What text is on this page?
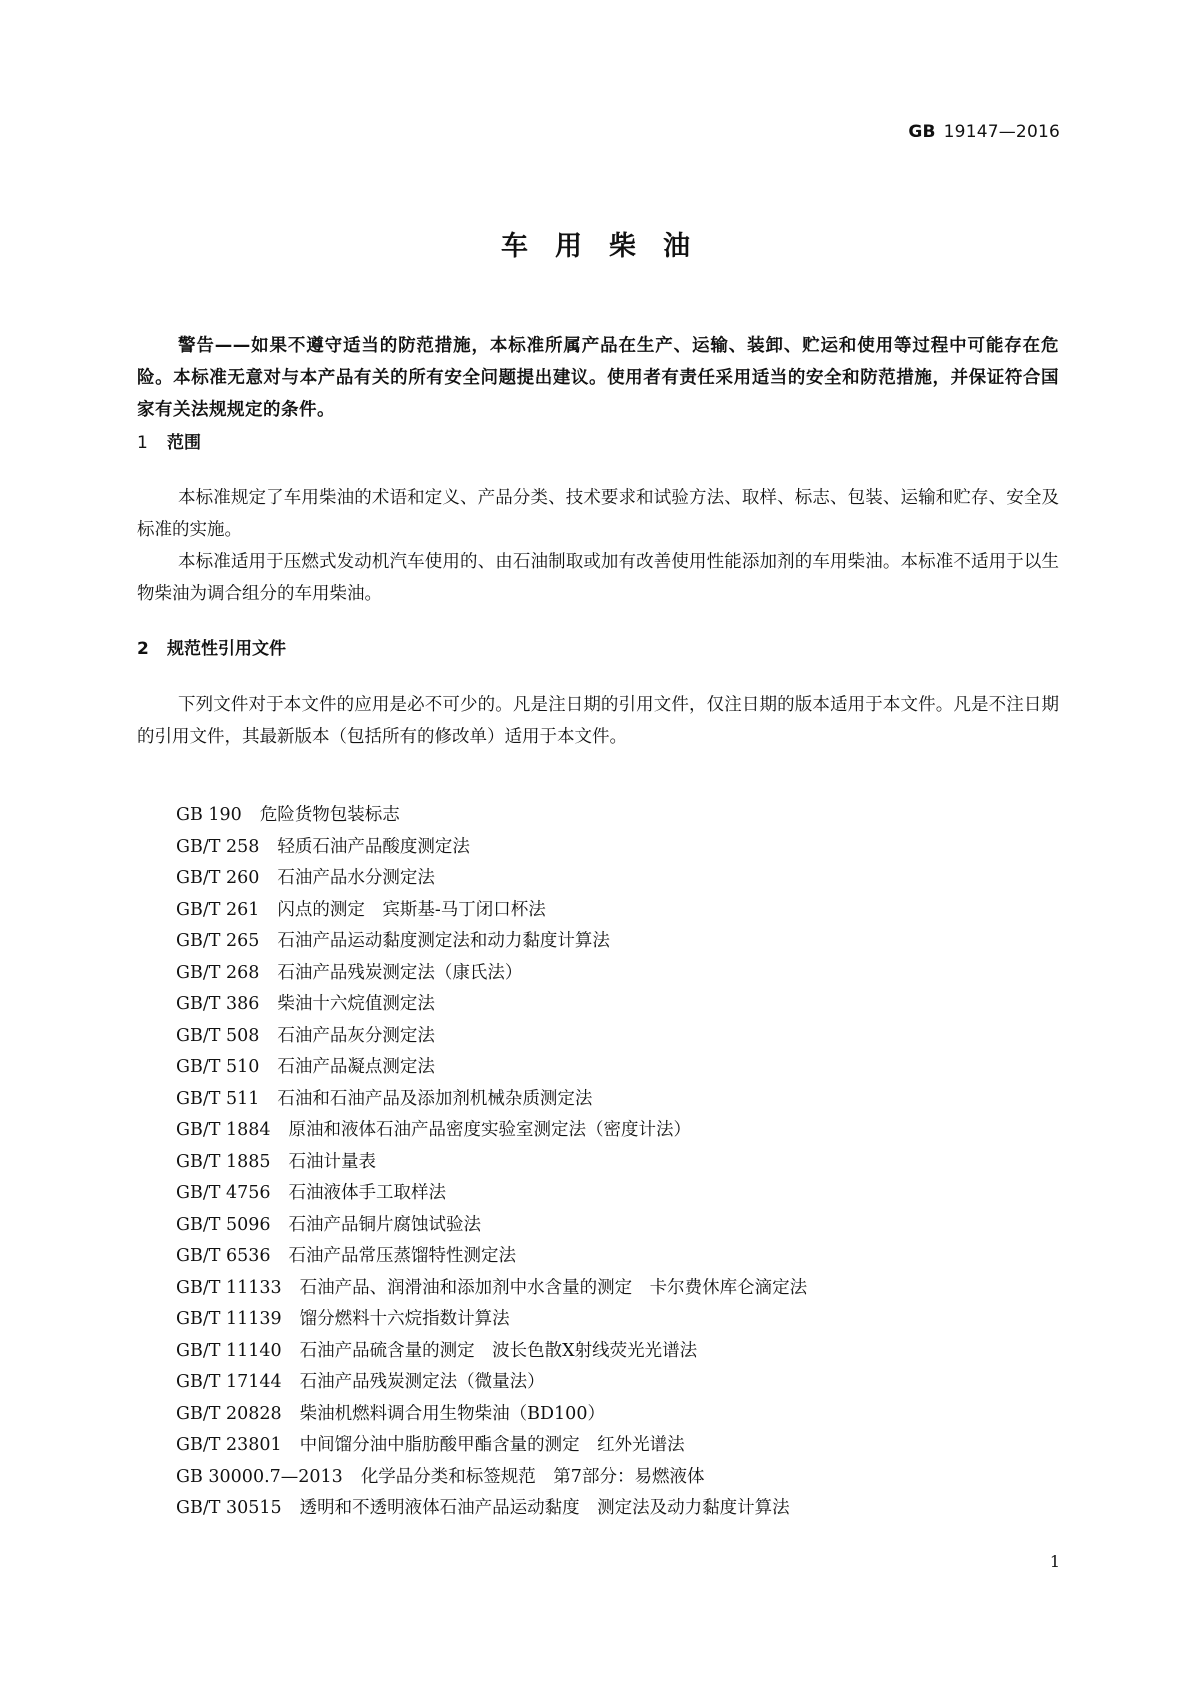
GB 19147—2016
车用柴油
警告——如果不遵守适当的防范措施，本标准所属产品在生产、运输、装卸、贮运和使用等过程中可能存在危险。本标准无意对与本产品有关的所有安全问题提出建议。使用者有责任采用适当的安全和防范措施，并保证符合国家有关法规规定的条件。
1 范围
本标准规定了车用柴油的术语和定义、产品分类、技术要求和试验方法、取样、标志、包装、运输和贮存、安全及标准的实施。
本标准适用于压燃式发动机汽车使用的、由石油制取或加有改善使用性能添加剂的车用柴油。本标准不适用于以生物柴油为调合组分的车用柴油。
2 规范性引用文件
下列文件对于本文件的应用是必不可少的。凡是注日期的引用文件，仅注日期的版本适用于本文件。凡是不注日期的引用文件，其最新版本（包括所有的修改单）适用于本文件。
GB 190 危险货物包装标志
GB/T 258 轻质石油产品酸度测定法
GB/T 260 石油产品水分测定法
GB/T 261 闪点的测定　宾斯基-马丁闭口杯法
GB/T 265 石油产品运动黏度测定法和动力黏度计算法
GB/T 268 石油产品残炭测定法（康氏法）
GB/T 386 柴油十六烷值测定法
GB/T 508 石油产品灰分测定法
GB/T 510 石油产品凝点测定法
GB/T 511 石油和石油产品及添加剂机械杂质测定法
GB/T 1884 原油和液体石油产品密度实验室测定法（密度计法）
GB/T 1885 石油计量表
GB/T 4756 石油液体手工取样法
GB/T 5096 石油产品铜片腐蚀试验法
GB/T 6536 石油产品常压蒸馏特性测定法
GB/T 11133 石油产品、润滑油和添加剂中水含量的测定　卡尔费休库仑滴定法
GB/T 11139 馏分燃料十六烷指数计算法
GB/T 11140 石油产品硫含量的测定　波长色散X射线荧光光谱法
GB/T 17144 石油产品残炭测定法（微量法）
GB/T 20828 柴油机燃料调合用生物柴油（BD100）
GB/T 23801 中间馏分油中脂肪酸甲酯含量的测定　红外光谱法
GB 30000.7—2013 化学品分类和标签规范　第7部分：易燃液体
GB/T 30515 透明和不透明液体石油产品运动黏度　测定法及动力黏度计算法
1
